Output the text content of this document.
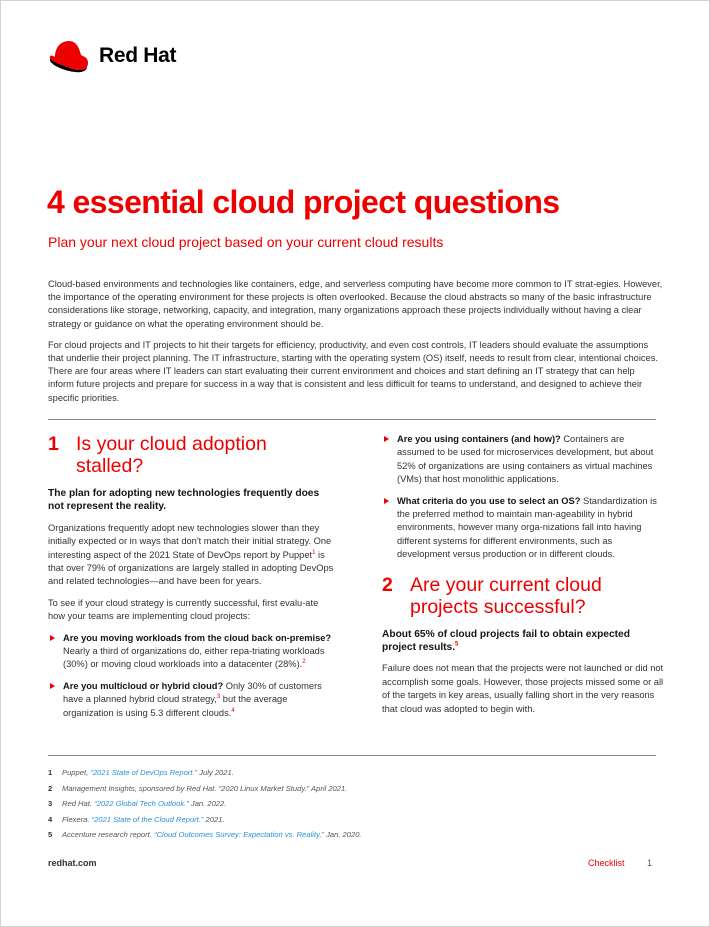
Red Hat
4 essential cloud project questions
Plan your next cloud project based on your current cloud results

Cloud-based environments and technologies like containers, edge, and serverless computing have become more common to IT strat-egies. However, the importance of the operating environment for these projects is often overlooked. Because the cloud abstracts so many of the basic infrastructure considerations like storage, networking, capacity, and integration, many organizations approach these projects individually without having a clear strategy or guidance on what the operating environment should be.

For cloud projects and IT projects to hit their targets for efficiency, productivity, and even cost controls, IT leaders should evaluate the assumptions that underlie their project planning. The IT infrastructure, starting with the operating system (OS) itself, needs to result from clear, intentional choices. There are four areas where IT leaders can start evaluating their current environment and choices and start defining an IT strategy that can help inform future projects and prepare for success in a way that is consistent and less difficult for teams to understand, and designed to achieve their specific priorities.

1 Is your cloud adoption stalled?

The plan for adopting new technologies frequently does not represent the reality.

Organizations frequently adopt new technologies slower than they initially expected or in ways that don't match their initial strategy. One interesting aspect of the 2021 State of DevOps report by Puppet$^1$ is that over 79% of organizations are largely stalled in adopting DevOps and related technologies—and have been for years.

To see if your cloud strategy is currently successful, first evalu-ate how your teams are implementing cloud projects:

Are you moving workloads from the cloud back on-premise? Nearly a third of organizations do, either repa-triating workloads (30%) or moving cloud workloads into a datacenter (28%).$^2$
Are you multicloud or hybrid cloud? Only 30% of customers have a planned hybrid cloud strategy,$^3$ but the average organization is using 5.3 different clouds.$^4$
Are you using containers (and how)? Containers are assumed to be used for microservices development, but about 52% of organizations are using containers as virtual machines (VMs) that host monolithic applications.
What criteria do you use to select an OS? Standardization is the preferred method to maintain man-ageability in hybrid environments, however many orga-nizations fall into having different systems for different environments, such as development versus production or in different clouds.
2 Are your current cloud projects successful?

About 65% of cloud projects fail to obtain expected project results.$^5$

Failure does not mean that the projects were not launched or did not accomplish some goals. However, those projects missed some or all of the targets in key areas, usually falling short in the very reasons that cloud was adopted to begin with.

1	Puppet, “2021 State of DevOps Report.” July 2021.
2	Management Insights, sponsored by Red Hat. “2020 Linux Market Study.” April 2021.
3	Red Hat. “2022 Global Tech Outlook.” Jan. 2022.
4	Flexera. “2021 State of the Cloud Report.” 2021.
5	Accenture research report. “Cloud Outcomes Survey: Expectation vs. Reality,” Jan. 2020.
redhat.com	Checklist 1
